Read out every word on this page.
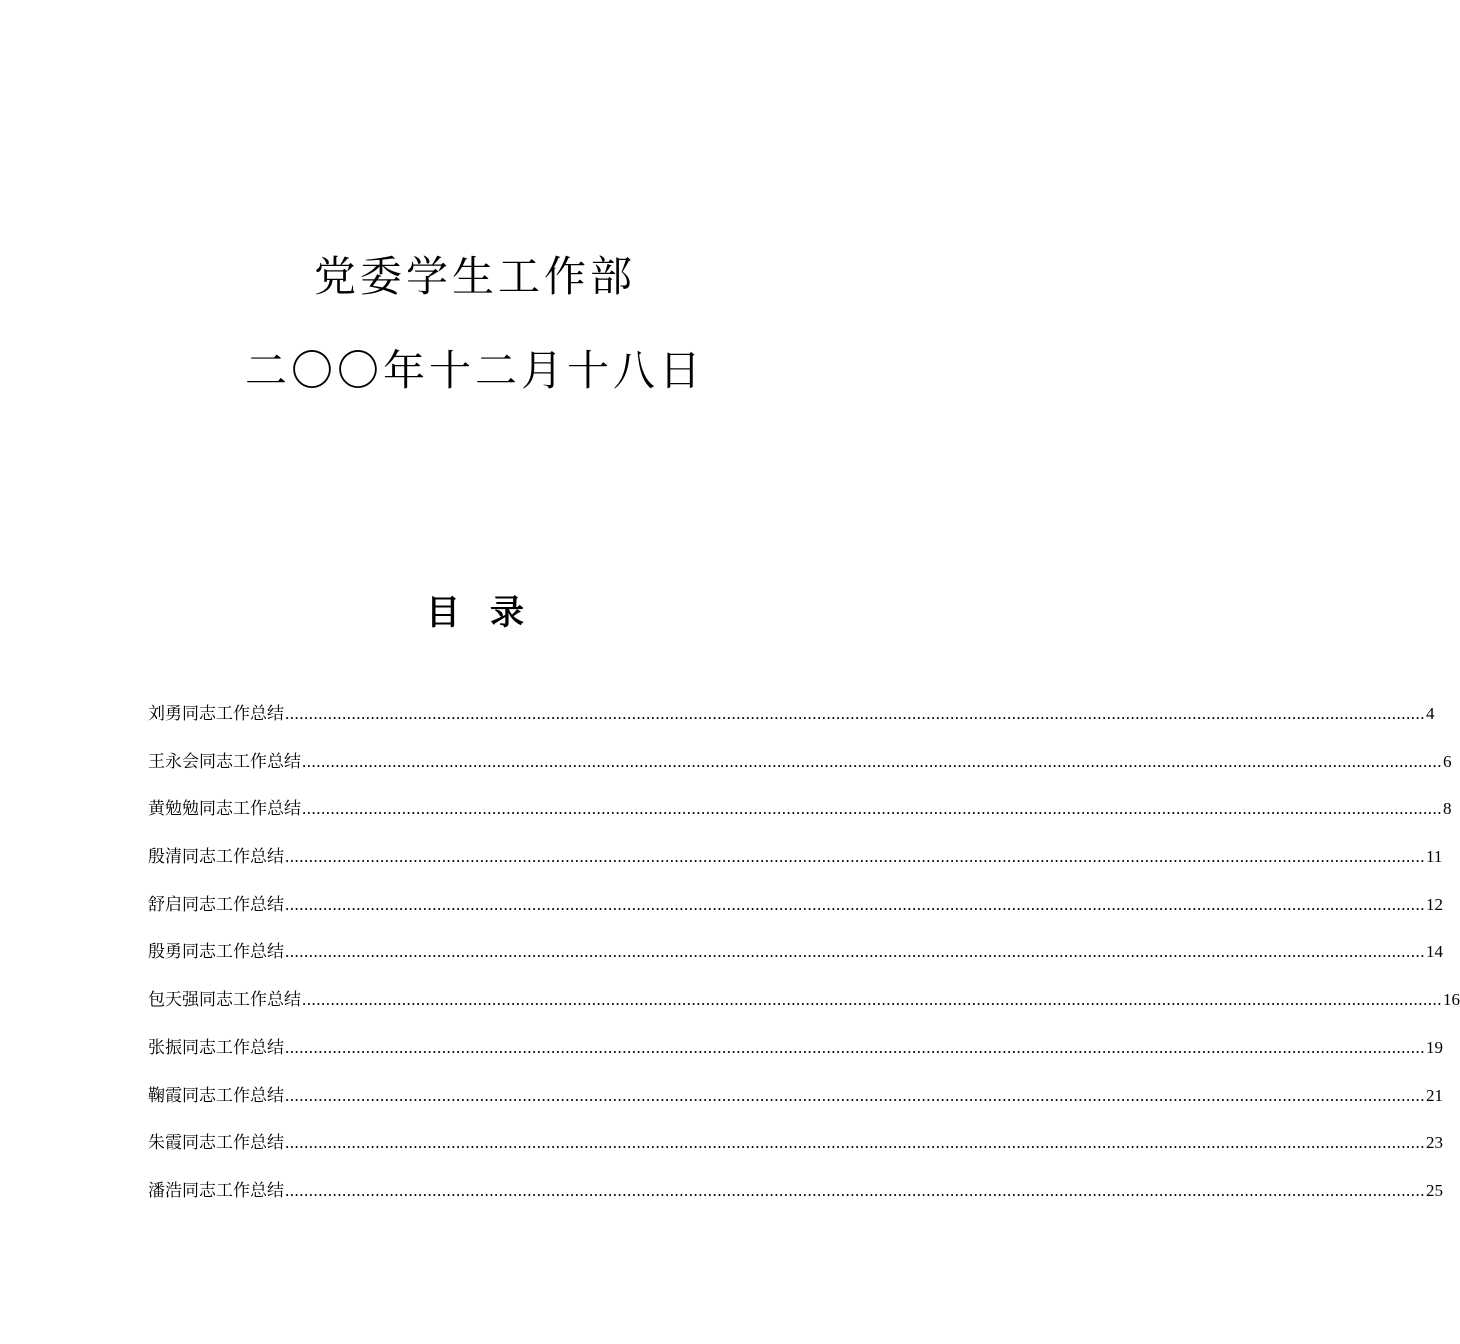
党委学生工作部
二〇〇年十二月十八日
目 录
刘勇同志工作总结 ................................................................................................................................................................................................................................................ 4
王永会同志工作总结 ................................................................................................................................................................................................................................................ 6
黄勉勉同志工作总结 ................................................................................................................................................................................................................................................ 8
殷清同志工作总结 ................................................................................................................................................................................................................................................ 11
舒启同志工作总结 ................................................................................................................................................................................................................................................ 12
殷勇同志工作总结 ................................................................................................................................................................................................................................................ 14
包天强同志工作总结 ................................................................................................................................................................................................................................................ 16
张振同志工作总结 ................................................................................................................................................................................................................................................ 19
鞠霞同志工作总结 ................................................................................................................................................................................................................................................ 21
朱霞同志工作总结 ................................................................................................................................................................................................................................................ 23
潘浩同志工作总结 ................................................................................................................................................................................................................................................ 25
